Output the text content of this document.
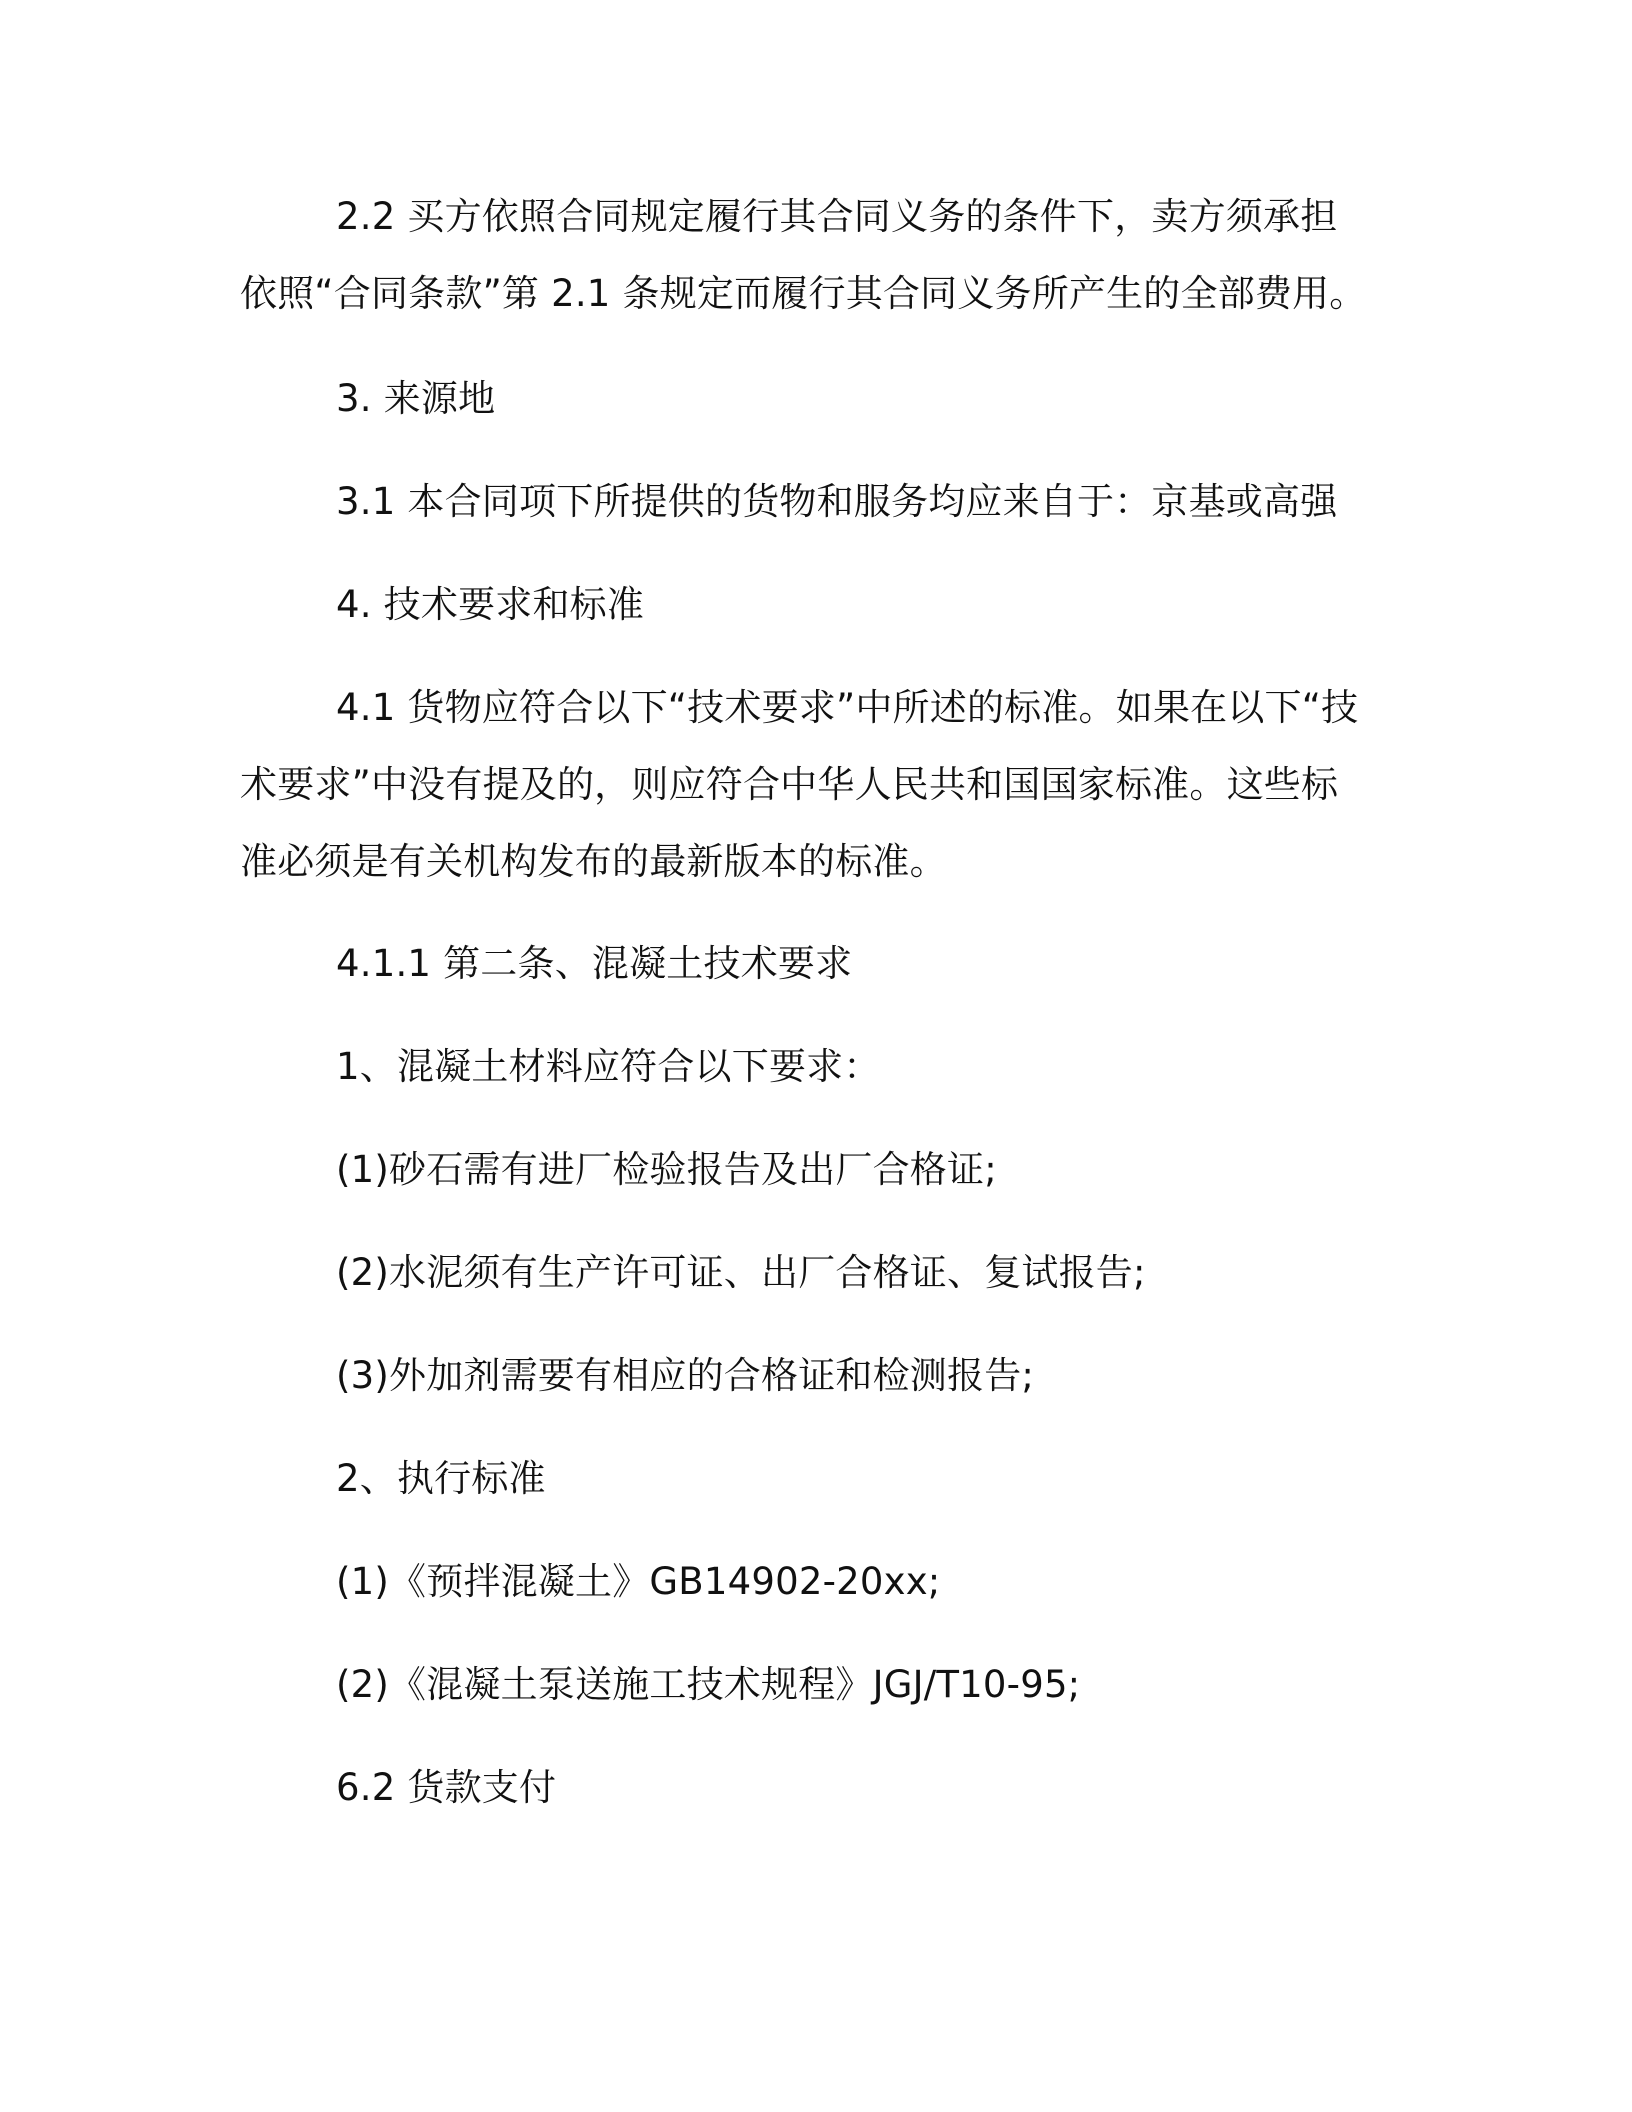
2.2 买方依照合同规定履行其合同义务的条件下，卖方须承担依照“合同条款”第 2.1 条规定而履行其合同义务所产生的全部费用。
3. 来源地
3.1 本合同项下所提供的货物和服务均应来自于：京基或高强
4. 技术要求和标准
4.1 货物应符合以下“技术要求”中所述的标准。如果在以下“技术要求”中没有提及的，则应符合中华人民共和国国家标准。这些标准必须是有关机构发布的最新版本的标准。
4.1.1 第二条、混凝土技术要求
1、混凝土材料应符合以下要求：
(1)砂石需有进厂检验报告及出厂合格证;
(2)水泥须有生产许可证、出厂合格证、复试报告;
(3)外加剂需要有相应的合格证和检测报告;
2、执行标准
(1)《预拌混凝土》GB14902-20xx;
(2)《混凝土泵送施工技术规程》JGJ/T10-95;
6.2 货款支付
